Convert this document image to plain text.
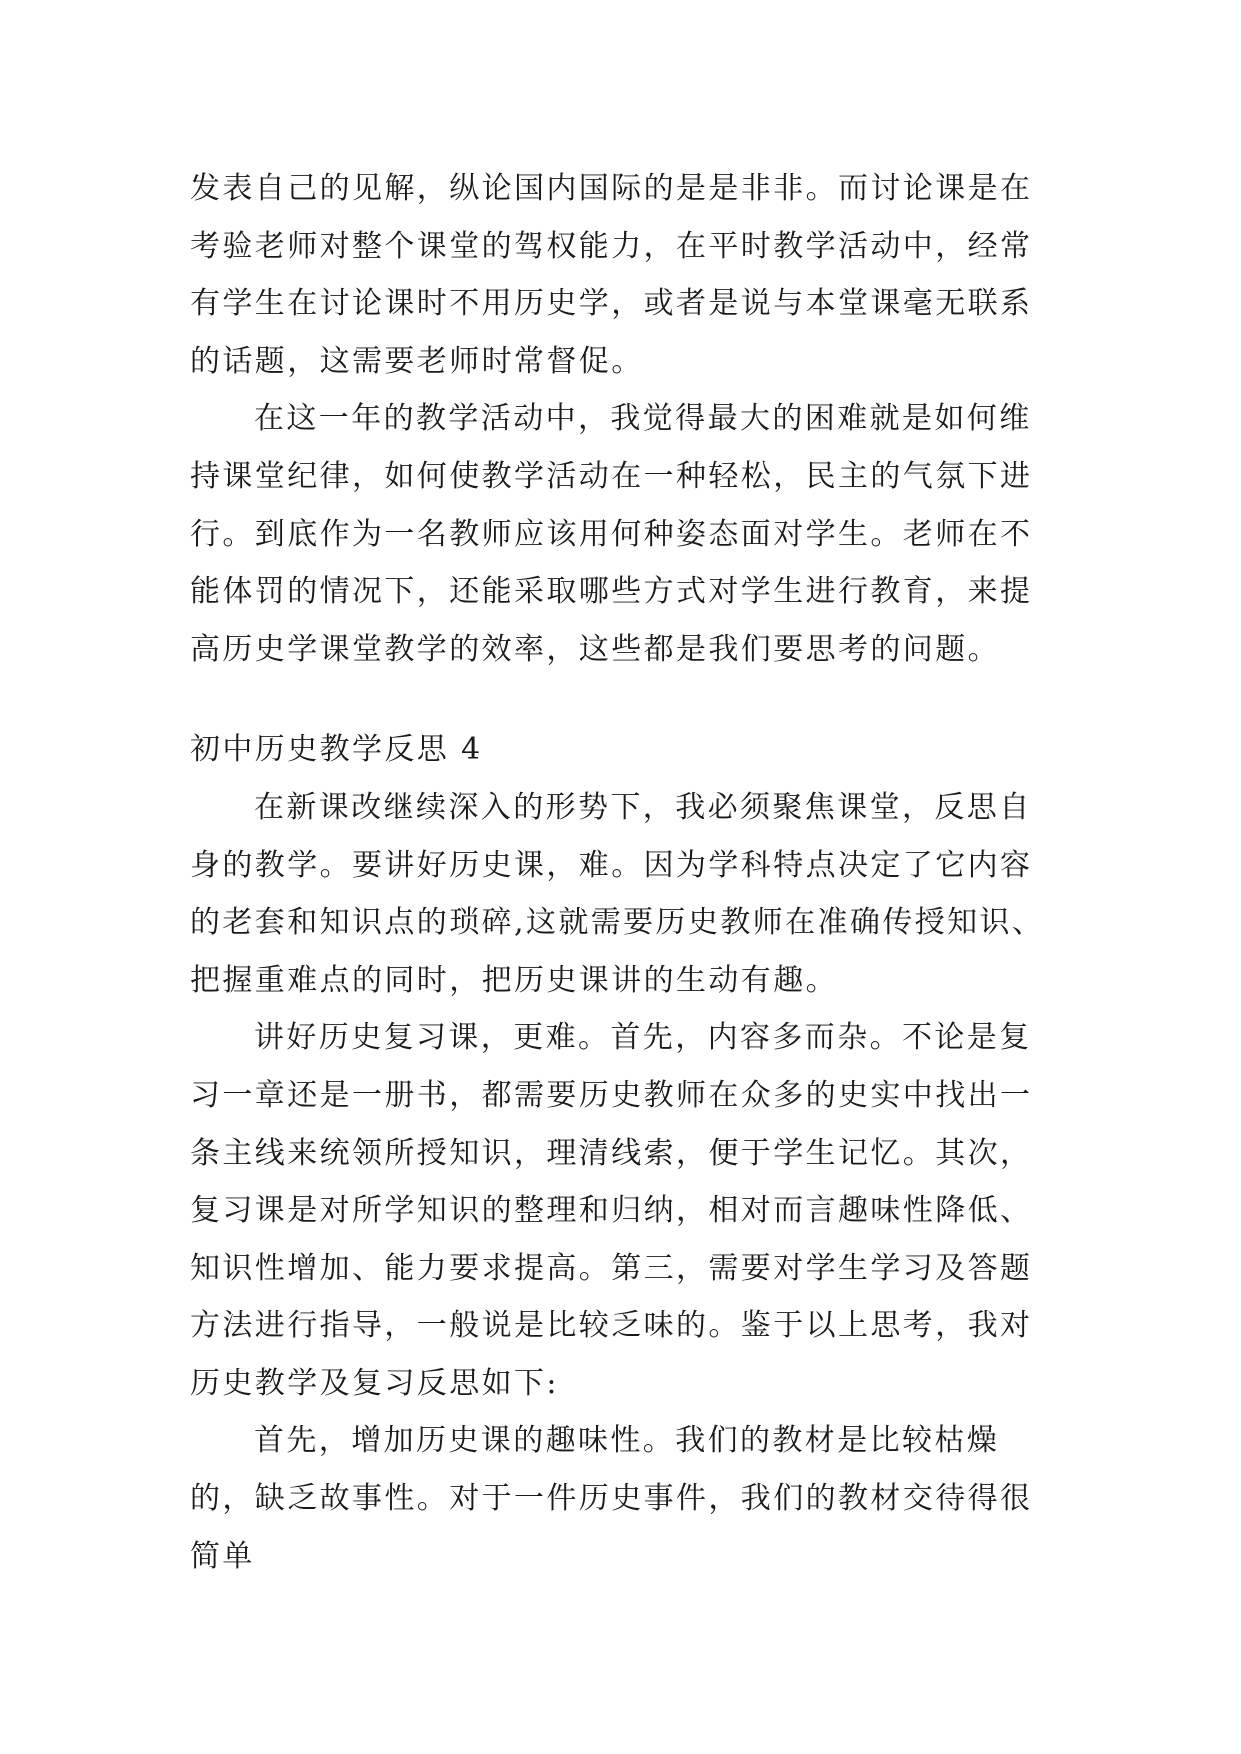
发表自己的见解，纵论国内国际的是是非非。而讨论课是在考验老师对整个课堂的驾权能力，在平时教学活动中，经常有学生在讨论课时不用历史学，或者是说与本堂课毫无联系的话题，这需要老师时常督促。

在这一年的教学活动中，我觉得最大的困难就是如何维持课堂纪律，如何使教学活动在一种轻松，民主的气氛下进行。到底作为一名教师应该用何种姿态面对学生。老师在不能体罚的情况下，还能采取哪些方式对学生进行教育，来提高历史学课堂教学的效率，这些都是我们要思考的问题。

初中历史教学反思 4

在新课改继续深入的形势下，我必须聚焦课堂，反思自身的教学。要讲好历史课，难。因为学科特点决定了它内容的老套和知识点的琐碎,这就需要历史教师在准确传授知识、把握重难点的同时，把历史课讲的生动有趣。

讲好历史复习课，更难。首先，内容多而杂。不论是复习一章还是一册书，都需要历史教师在众多的史实中找出一条主线来统领所授知识，理清线索，便于学生记忆。其次，复习课是对所学知识的整理和归纳，相对而言趣味性降低、知识性增加、能力要求提高。第三，需要对学生学习及答题方法进行指导，一般说是比较乏味的。鉴于以上思考，我对历史教学及复习反思如下:

首先，增加历史课的趣味性。我们的教材是比较枯燥的，缺乏故事性。对于一件历史事件，我们的教材交待得很简单
